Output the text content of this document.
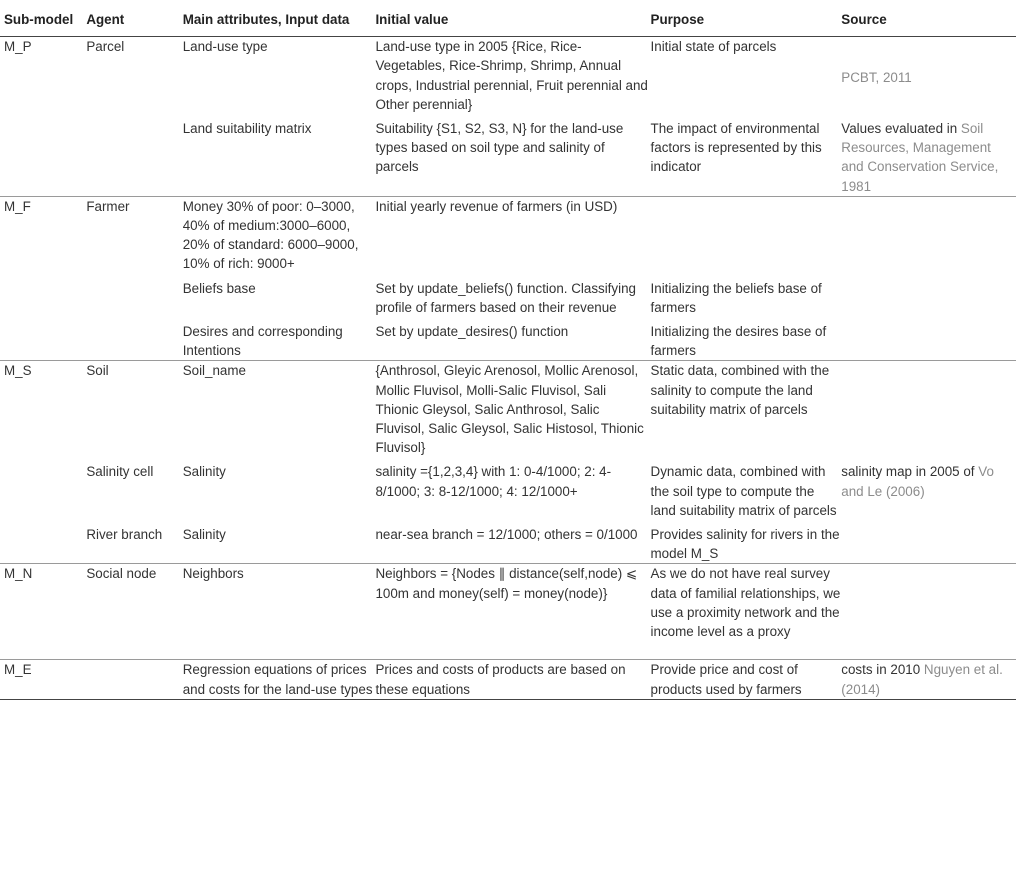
Sub-model	Agent	Main attributes, Input data	Initial value	Purpose	Source
M_P	Parcel	Land-use type	Land-use type in 2005 {Rice, Rice-Vegetables, Rice-Shrimp, Shrimp, Annual crops, Industrial perennial, Fruit perennial and Other perennial}	Initial state of parcels	PCBT, 2011
		Land suitability matrix	Suitability {S1, S2, S3, N} for the land-use types based on soil type and salinity of parcels	The impact of environmental factors is represented by this indicator	Values evaluated in Soil Resources, Management and Conservation Service, 1981
M_F	Farmer	Money 30% of poor: 0–3000, 40% of medium:3000–6000, 20% of standard: 6000–9000, 10% of rich: 9000+	Initial yearly revenue of farmers (in USD)		
		Beliefs base	Set by update_beliefs() function. Classifying profile of farmers based on their revenue	Initializing the beliefs base of farmers	
		Desires and corresponding Intentions	Set by update_desires() function	Initializing the desires base of farmers	
M_S	Soil	Soil_name	{Anthrosol, Gleyic Arenosol, Mollic Arenosol, Mollic Fluvisol, Molli-Salic Fluvisol, Sali Thionic Gleysol, Salic Anthrosol, Salic Fluvisol, Salic Gleysol, Salic Histosol, Thionic Fluvisol}	Static data, combined with the salinity to compute the land suitability matrix of parcels	
	Salinity cell	Salinity	salinity ={1,2,3,4} with 1: 0-4/1000; 2: 4-8/1000; 3: 8-12/1000; 4: 12/1000+	Dynamic data, combined with the soil type to compute the land suitability matrix of parcels	salinity map in 2005 of Vo and Le (2006)
	River branch	Salinity	near-sea branch = 12/1000; others = 0/1000	Provides salinity for rivers in the model M_S	
M_N	Social node	Neighbors	Neighbors = {Nodes ∥ distance(self,node) ⩽ 100m and money(self) = money(node)}	As we do not have real survey data of familial relationships, we use a proximity network and the income level as a proxy	
M_E		Regression equations of prices and costs for the land-use types	Prices and costs of products are based on these equations	Provide price and cost of products used by farmers	costs in 2010 Nguyen et al. (2014)
